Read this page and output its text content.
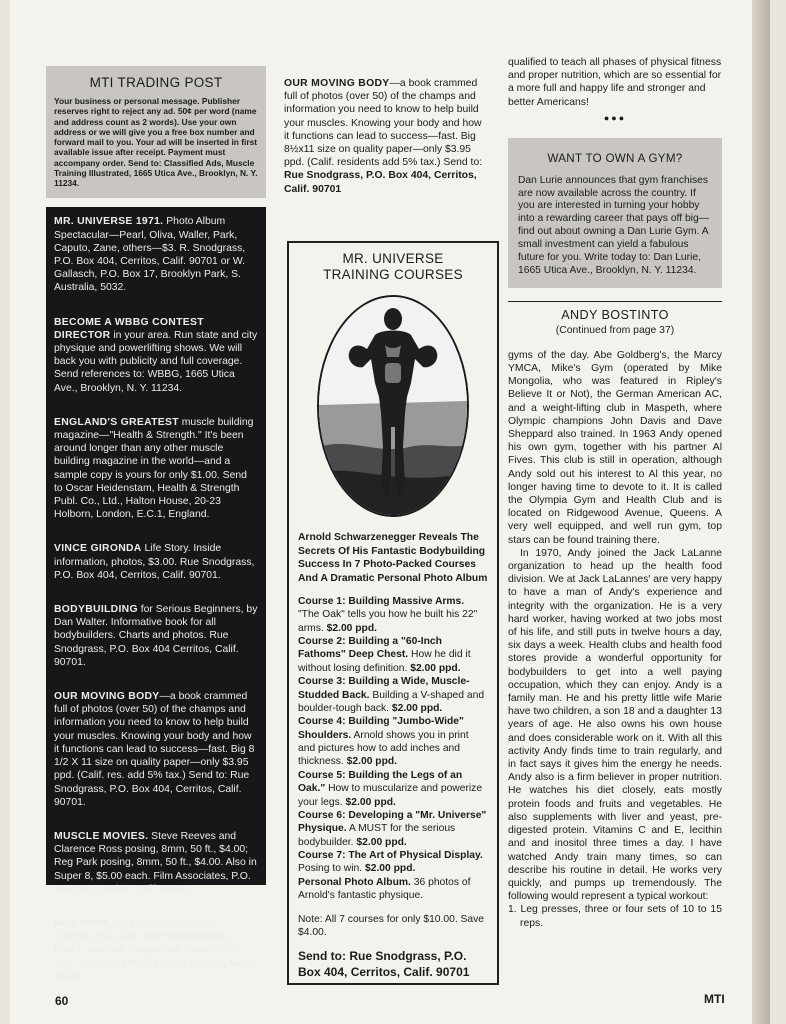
MTI TRADING POST

Your business or personal message. Publisher reserves right to reject any ad. 50¢ per word (name and address count as 2 words). Use your own address or we will give you a free box number and forward mail to you. Your ad will be inserted in first available issue after receipt. Payment must accompany order. Send to: Classified Ads, Muscle Training Illustrated, 1665 Utica Ave., Brooklyn, N. Y. 11234.

MR. UNIVERSE 1971. Photo Album Spectacular—Pearl, Oliva, Waller, Park, Caputo, Zane, others—$3. R. Snodgrass, P.O. Box 404, Cerritos, Calif. 90701 or W. Gallasch, P.O. Box 17, Brooklyn Park, S. Australia, 5032.

BECOME A WBBG CONTEST DIRECTOR in your area. Run state and city physique and powerlifting shows. We will back you with publicity and full coverage. Send references to: WBBG, 1665 Utica Ave., Brooklyn, N. Y. 11234.

ENGLAND'S GREATEST muscle building magazine—"Health & Strength." It's been around longer than any other muscle building magazine in the world—and a sample copy is yours for only $1.00. Send to Oscar Heidenstam, Health & Strength Publ. Co., Ltd., Halton House, 20-23 Holborn, London, E.C.1, England.

VINCE GIRONDA Life Story. Inside information, photos, $3.00. Rue Snodgrass, P.O. Box 404, Cerritos, Calif. 90701.

BODYBUILDING for Serious Beginners, by Dan Walter. Informative book for all bodybuilders. Charts and photos. Rue Snodgrass, P.O. Box 404 Cerritos, Calif. 90701.

OUR MOVING BODY—a book crammed full of photos (over 50) of the champs and information you need to know to help build your muscles. Knowing your body and how it functions can lead to success—fast. Big 8 1/2 X 11 size on quality paper—only $3.95 ppd. (Calif. res. add 5% tax.) Send to: Rue Snodgrass, P.O. Box 404, Cerritos, Calif. 90701.

MUSCLE MOVIES. Steve Reeves and Clarence Ross posing, 8mm, 50 ft., $4.00; Reg Park posing, 8mm, 50 ft., $4.00. Also in Super 8, $5.00 each. Film Associates, P.O. Box 545, Venice, Calif. 90291.

REG PARK Mr. Universe Strength Courses. Buy, sell, trade bodybuilding books, courses, magazines. Catalog 25¢. W. F. Hinbern, 18959 Inkster, Livonia, Mich. 48152.

OUR MOVING BODY—a book crammed full of photos (over 50) of the champs and information you need to know to help build your muscles. Knowing your body and how it functions can lead to success—fast. Big 8½x11 size on quality paper—only $3.95 ppd. (Calif. residents add 5% tax.) Send to: Rue Snodgrass, P.O. Box 404, Cerritos, Calif. 90701

MR. UNIVERSE
TRAINING COURSES

Arnold Schwarzenegger Reveals The Secrets Of His Fantastic Bodybuilding Success In 7 Photo-Packed Courses And A Dramatic Personal Photo Album

Course 1: Building Massive Arms. "The Oak" tells you how he built his 22" arms. $2.00 ppd.

Course 2: Building a "60-Inch Fathoms" Deep Chest. How he did it without losing definition. $2.00 ppd.

Course 3: Building a Wide, Muscle-Studded Back. Building a V-shaped and boulder-tough back. $2.00 ppd.

Course 4: Building "Jumbo-Wide" Shoulders. Arnold shows you in print and pictures how to add inches and thickness. $2.00 ppd.

Course 5: Building the Legs of an Oak." How to muscularize and powerize your legs. $2.00 ppd.

Course 6: Developing a "Mr. Universe" Physique. A MUST for the serious bodybuilder. $2.00 ppd.

Course 7: The Art of Physical Display. Posing to win. $2.00 ppd.

Personal Photo Album. 36 photos of Arnold's fantastic physique.

Note: All 7 courses for only $10.00. Save $4.00.

Send to: Rue Snodgrass, P.O. Box 404, Cerritos, Calif. 90701

qualified to teach all phases of physical fitness and proper nutrition, which are so essential for a more full and happy life and stronger and better Americans!

●●●

WANT TO OWN A GYM?

Dan Lurie announces that gym franchises are now available across the country. If you are interested in turning your hobby into a rewarding career that pays off big—find out about owning a Dan Lurie Gym. A small investment can yield a fabulous future for you. Write today to: Dan Lurie, 1665 Utica Ave., Brooklyn, N. Y. 11234.

ANDY BOSTINTO
(Continued from page 37)

gyms of the day. Abe Goldberg's, the Marcy YMCA, Mike's Gym (operated by Mike Mongolia, who was featured in Ripley's Believe It or Not), the German American AC, and a weight-lifting club in Maspeth, where Olympic champions John Davis and Dave Sheppard also trained. In 1963 Andy opened his own gym, together with his partner Al Fives. This club is still in operation, although Andy sold out his interest to Al this year, no longer having time to devote to it. It is called the Olympia Gym and Health Club and is located on Ridgewood Avenue, Queens. A very well equipped, and well run gym, top stars can be found training there.

In 1970, Andy joined the Jack LaLanne organization to head up the health food division. We at Jack LaLannes' are very happy to have a man of Andy's experience and integrity with the organization. He is a very hard worker, having worked at two jobs most of his life, and still puts in twelve hours a day, six days a week. Health clubs and health food stores provide a wonderful opportunity for bodybuilders to get into a well paying occupation, which they can enjoy. Andy is a family man. He and his pretty little wife Marie have two children, a son 18 and a daughter 13 years of age. He also owns his own house and does considerable work on it. With all this activity Andy finds time to train regularly, and in fact says it gives him the energy he needs. Andy also is a firm believer in proper nutrition. He watches his diet closely, eats mostly protein foods and fruits and vegetables. He also supplements with liver and yeast, pre-digested protein. Vitamins C and E, lecithin and and inositol three times a day. I have watched Andy train many times, so can describe his routine in detail. He works very quickly, and pumps up tremendously. The following would represent a typical workout:

1. Leg presses, three or four sets of 10 to 15 reps.

60	MTI
